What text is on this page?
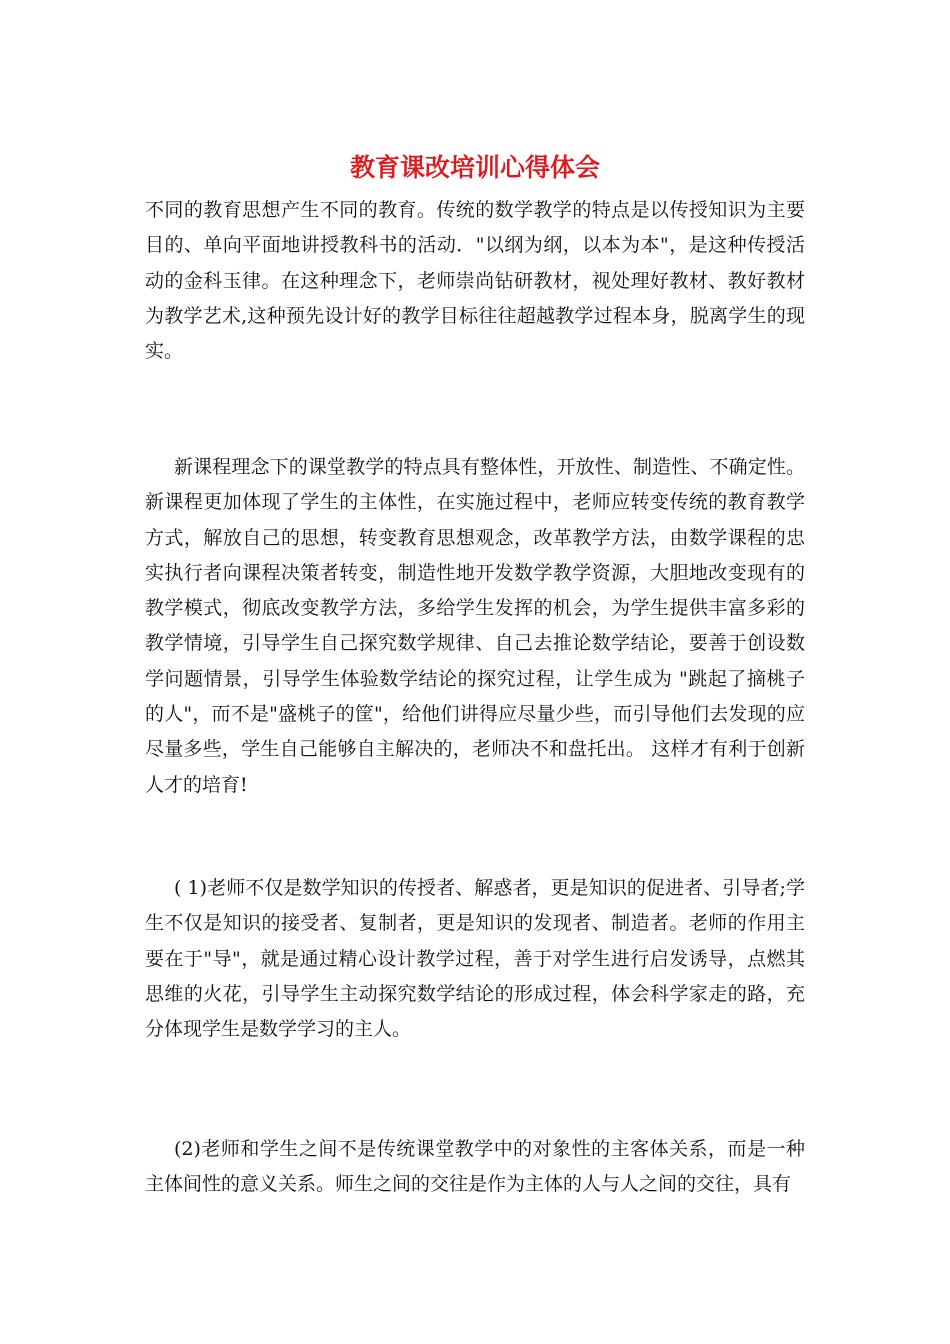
教育课改培训心得体会

不同的教育思想产生不同的教育。传统的数学教学的特点是以传授知识为主要目的、单向平面地讲授教科书的活动．"以纲为纲，以本为本"，是这种传授活动的金科玉律。在这种理念下，老师崇尚钻研教材，视处理好教材、教好教材为教学艺术,这种预先设计好的教学目标往往超越教学过程本身，脱离学生的现实。

新课程理念下的课堂教学的特点具有整体性，开放性、制造性、不确定性。新课程更加体现了学生的主体性，在实施过程中，老师应转变传统的教育教学方式，解放自己的思想，转变教育思想观念，改革教学方法，由数学课程的忠实执行者向课程决策者转变，制造性地开发数学教学资源，大胆地改变现有的教学模式，彻底改变教学方法，多给学生发挥的机会，为学生提供丰富多彩的教学情境，引导学生自己探究数学规律、自己去推论数学结论，要善于创设数学问题情景，引导学生体验数学结论的探究过程，让学生成为 "跳起了摘桃子的人"，而不是"盛桃子的筐"，给他们讲得应尽量少些，而引导他们去发现的应尽量多些，学生自己能够自主解决的，老师决不和盘托出。 这样才有利于创新人才的培育!

( 1)老师不仅是数学知识的传授者、解惑者，更是知识的促进者、引导者;学生不仅是知识的接受者、复制者，更是知识的发现者、制造者。老师的作用主要在于"导"，就是通过精心设计教学过程，善于对学生进行启发诱导，点燃其思维的火花，引导学生主动探究数学结论的形成过程，体会科学家走的路，充分体现学生是数学学习的主人。

(2)老师和学生之间不是传统课堂教学中的对象性的主客体关系，而是一种主体间性的意义关系。师生之间的交往是作为主体的人与人之间的交往，具有
